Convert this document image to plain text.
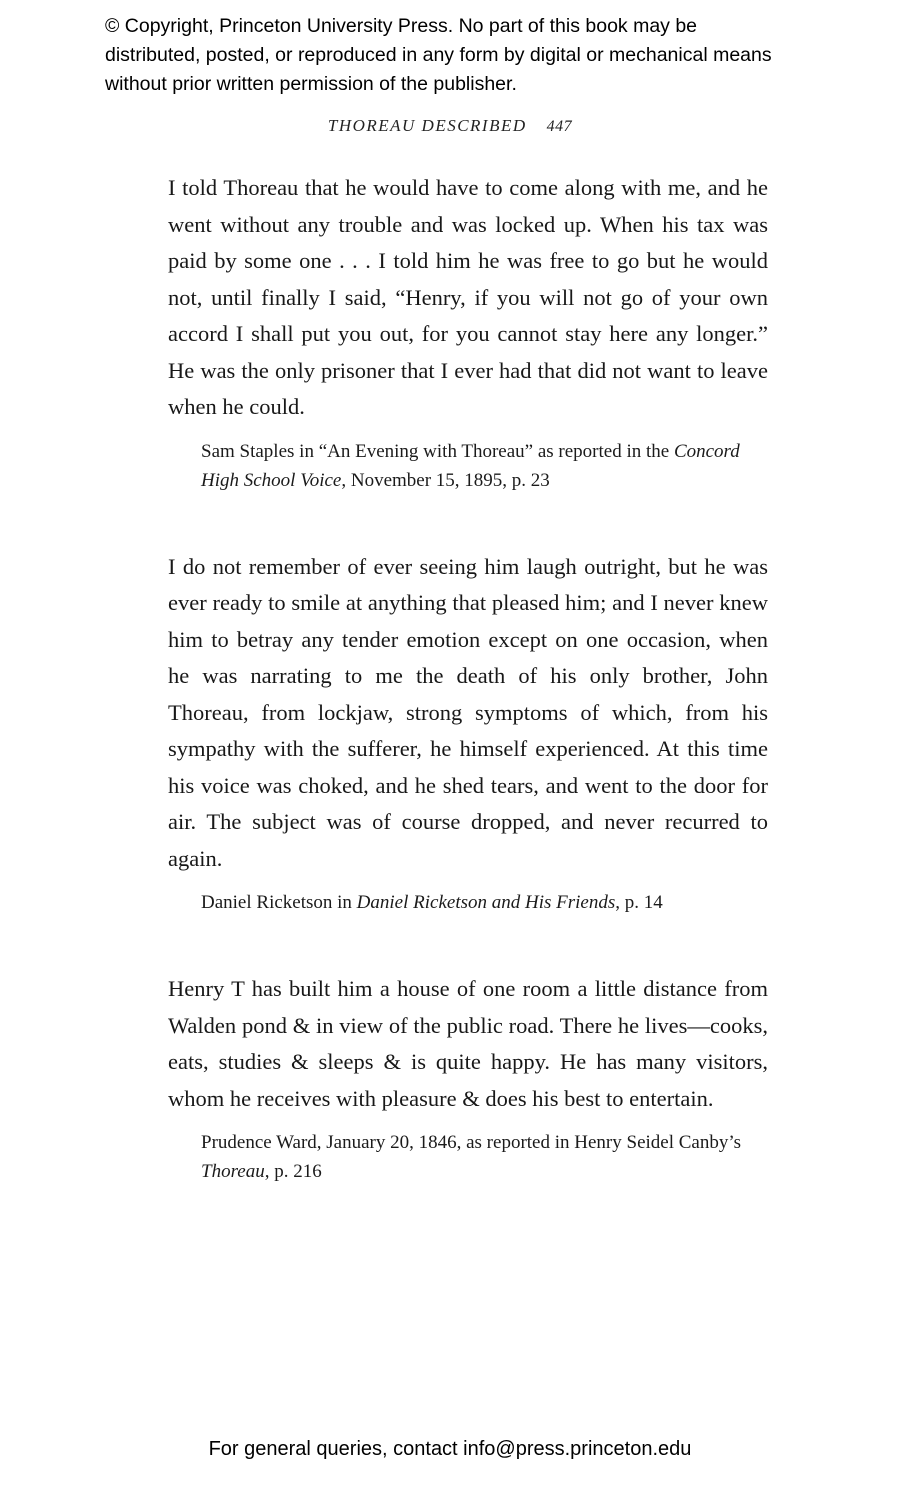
© Copyright, Princeton University Press. No part of this book may be distributed, posted, or reproduced in any form by digital or mechanical means without prior written permission of the publisher.
THOREAU DESCRIBED 447

I told Thoreau that he would have to come along with me, and he went without any trouble and was locked up. When his tax was paid by some one . . . I told him he was free to go but he would not, until finally I said, “Henry, if you will not go of your own accord I shall put you out, for you cannot stay here any longer.” He was the only prisoner that I ever had that did not want to leave when he could.

Sam Staples in “An Evening with Thoreau” as reported in the Concord High School Voice, November 15, 1895, p. 23

I do not remember of ever seeing him laugh outright, but he was ever ready to smile at anything that pleased him; and I never knew him to betray any tender emotion except on one occasion, when he was narrating to me the death of his only brother, John Thoreau, from lockjaw, strong symptoms of which, from his sympathy with the sufferer, he himself experienced. At this time his voice was choked, and he shed tears, and went to the door for air. The subject was of course dropped, and never recurred to again.

Daniel Ricketson in Daniel Ricketson and His Friends, p. 14

Henry T has built him a house of one room a little distance from Walden pond & in view of the public road. There he lives—cooks, eats, studies & sleeps & is quite happy. He has many visitors, whom he receives with pleasure & does his best to entertain.

Prudence Ward, January 20, 1846, as reported in Henry Seidel Canby’s Thoreau, p. 216

For general queries, contact info@press.princeton.edu
